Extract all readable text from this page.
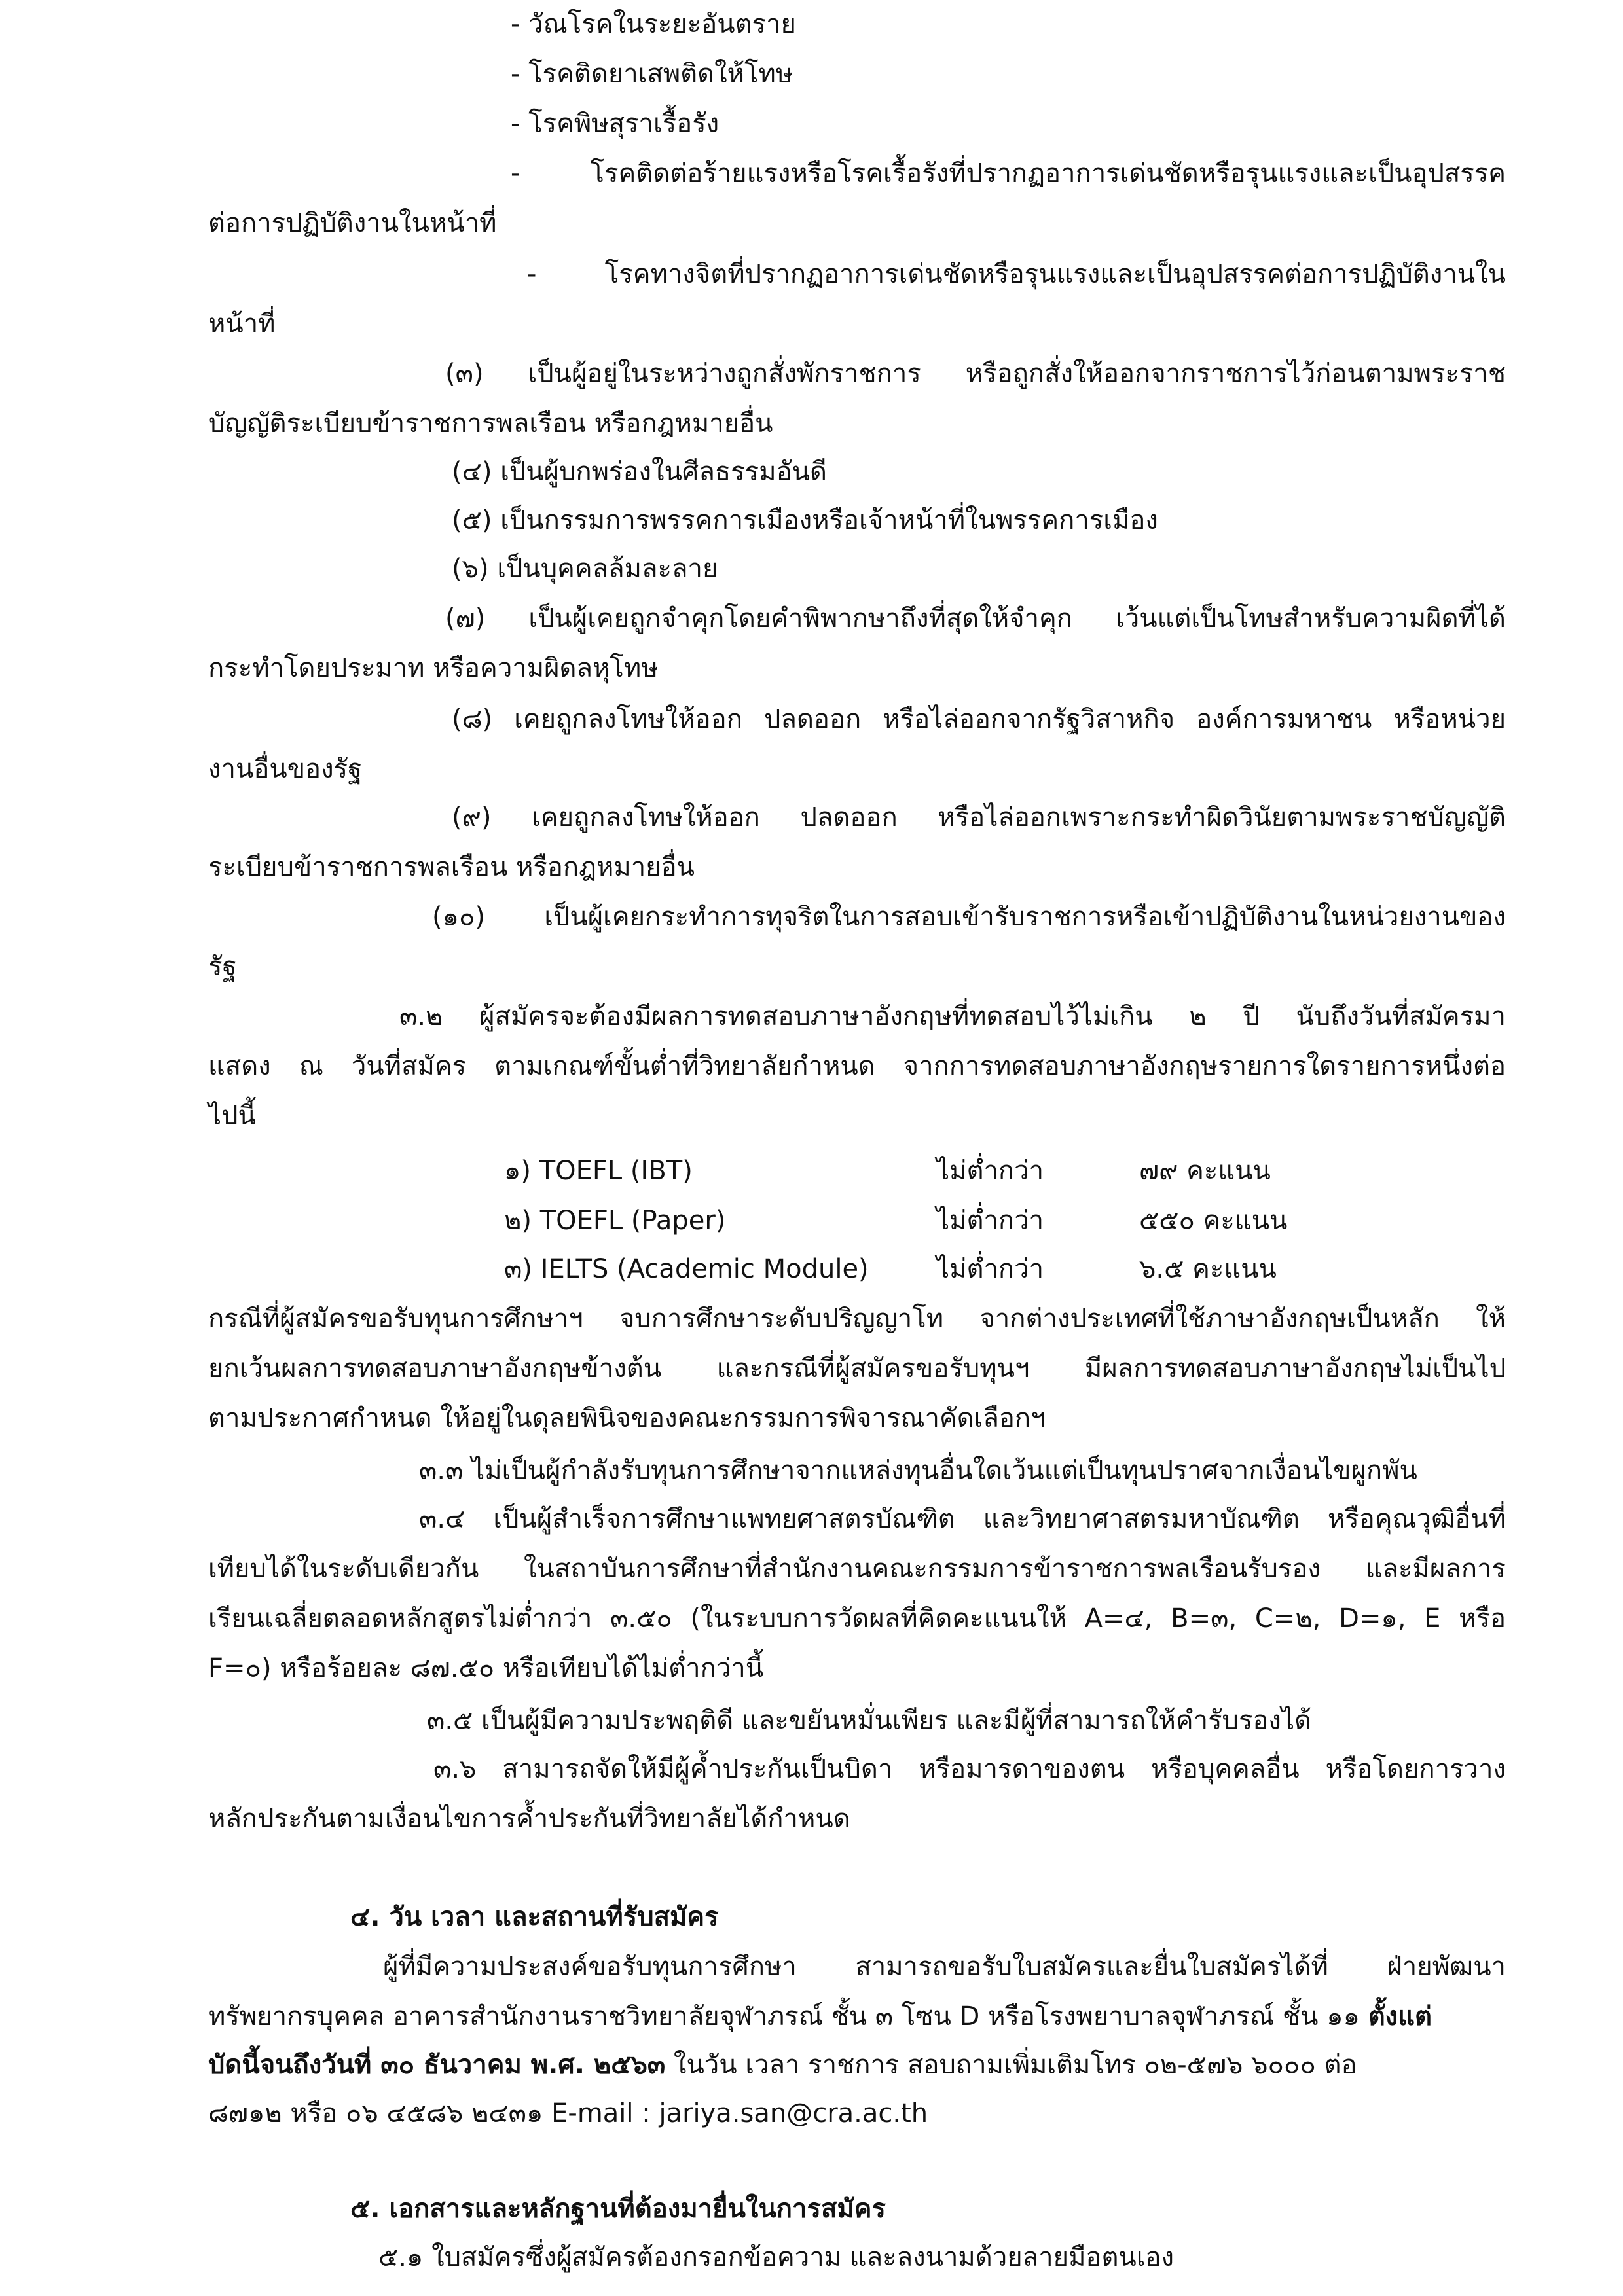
- วัณโรคในระยะอันตราย
- โรคติดยาเสพติดให้โทษ
- โรคพิษสุราเรื้อรัง
- โรคติดต่อร้ายแรงหรือโรคเรื้อรังที่ปรากฏอาการเด่นชัดหรือรุนแรงและเป็นอุปสรรค
ต่อการปฏิบัติงานในหน้าที่
- โรคทางจิตที่ปรากฏอาการเด่นชัดหรือรุนแรงและเป็นอุปสรรคต่อการปฏิบัติงานใน
หน้าที่
(๓) เป็นผู้อยู่ในระหว่างถูกสั่งพักราชการ หรือถูกสั่งให้ออกจากราชการไว้ก่อนตามพระราช
บัญญัติระเบียบข้าราชการพลเรือน หรือกฎหมายอื่น
(๔) เป็นผู้บกพร่องในศีลธรรมอันดี
(๕) เป็นกรรมการพรรคการเมืองหรือเจ้าหน้าที่ในพรรคการเมือง
(๖) เป็นบุคคลล้มละลาย
(๗) เป็นผู้เคยถูกจำคุกโดยคำพิพากษาถึงที่สุดให้จำคุก เว้นแต่เป็นโทษสำหรับความผิดที่ได้
กระทำโดยประมาท หรือความผิดลหุโทษ
(๘) เคยถูกลงโทษให้ออก ปลดออก หรือไล่ออกจากรัฐวิสาหกิจ องค์การมหาชน หรือหน่วย
งานอื่นของรัฐ
(๙) เคยถูกลงโทษให้ออก ปลดออก หรือไล่ออกเพราะกระทำผิดวินัยตามพระราชบัญญัติ
ระเบียบข้าราชการพลเรือน หรือกฎหมายอื่น
(๑๐) เป็นผู้เคยกระทำการทุจริตในการสอบเข้ารับราชการหรือเข้าปฏิบัติงานในหน่วยงานของ
รัฐ
๓.๒ ผู้สมัครจะต้องมีผลการทดสอบภาษาอังกฤษที่ทดสอบไว้ไม่เกิน ๒ ปี นับถึงวันที่สมัครมา
แสดง ณ วันที่สมัคร ตามเกณฑ์ขั้นต่ำที่วิทยาลัยกำหนด จากการทดสอบภาษาอังกฤษรายการใดรายการหนึ่งต่อ
ไปนี้
๑) TOEFL (IBT)	ไม่ต่ำกว่า	๗๙ คะแนน
๒) TOEFL (Paper)	ไม่ต่ำกว่า	๕๕๐ คะแนน
๓) IELTS (Academic Module)	ไม่ต่ำกว่า	๖.๕ คะแนน
กรณีที่ผู้สมัครขอรับทุนการศึกษาฯ จบการศึกษาระดับปริญญาโท จากต่างประเทศที่ใช้ภาษาอังกฤษเป็นหลัก ให้
ยกเว้นผลการทดสอบภาษาอังกฤษข้างต้น และกรณีที่ผู้สมัครขอรับทุนฯ มีผลการทดสอบภาษาอังกฤษไม่เป็นไป
ตามประกาศกำหนด ให้อยู่ในดุลยพินิจของคณะกรรมการพิจารณาคัดเลือกฯ
๓.๓ ไม่เป็นผู้กำลังรับทุนการศึกษาจากแหล่งทุนอื่นใดเว้นแต่เป็นทุนปราศจากเงื่อนไขผูกพัน
๓.๔ เป็นผู้สำเร็จการศึกษาแพทยศาสตรบัณฑิต และวิทยาศาสตรมหาบัณฑิต หรือคุณวุฒิอื่นที่
เทียบได้ในระดับเดียวกัน ในสถาบันการศึกษาที่สำนักงานคณะกรรมการข้าราชการพลเรือนรับรอง และมีผลการ
เรียนเฉลี่ยตลอดหลักสูตรไม่ต่ำกว่า ๓.๕๐ (ในระบบการวัดผลที่คิดคะแนนให้ A=๔, B=๓, C=๒, D=๑, E หรือ
F=๐) หรือร้อยละ ๘๗.๕๐ หรือเทียบได้ไม่ต่ำกว่านี้
๓.๕ เป็นผู้มีความประพฤติดี และขยันหมั่นเพียร และมีผู้ที่สามารถให้คำรับรองได้
๓.๖ สามารถจัดให้มีผู้ค้ำประกันเป็นบิดา หรือมารดาของตน หรือบุคคลอื่น หรือโดยการวาง
หลักประกันตามเงื่อนไขการค้ำประกันที่วิทยาลัยได้กำหนด
๔. วัน เวลา และสถานที่รับสมัคร
ผู้ที่มีความประสงค์ขอรับทุนการศึกษา สามารถขอรับใบสมัครและยื่นใบสมัครได้ที่ ฝ่ายพัฒนา
ทรัพยากรบุคคล อาคารสำนักงานราชวิทยาลัยจุฬาภรณ์ ชั้น ๓ โซน D หรือโรงพยาบาลจุฬาภรณ์ ชั้น ๑๑ ตั้งแต่
บัดนี้จนถึงวันที่ ๓๐ ธันวาคม พ.ศ. ๒๕๖๓ ในวัน เวลา ราชการ สอบถามเพิ่มเติมโทร ๐๒-๕๗๖ ๖๐๐๐ ต่อ
๘๗๑๒ หรือ ๐๖ ๔๕๘๖ ๒๔๓๑ E-mail : jariya.san@cra.ac.th
๕. เอกสารและหลักฐานที่ต้องมายื่นในการสมัคร
๕.๑ ใบสมัครซึ่งผู้สมัครต้องกรอกข้อความ และลงนามด้วยลายมือตนเอง
